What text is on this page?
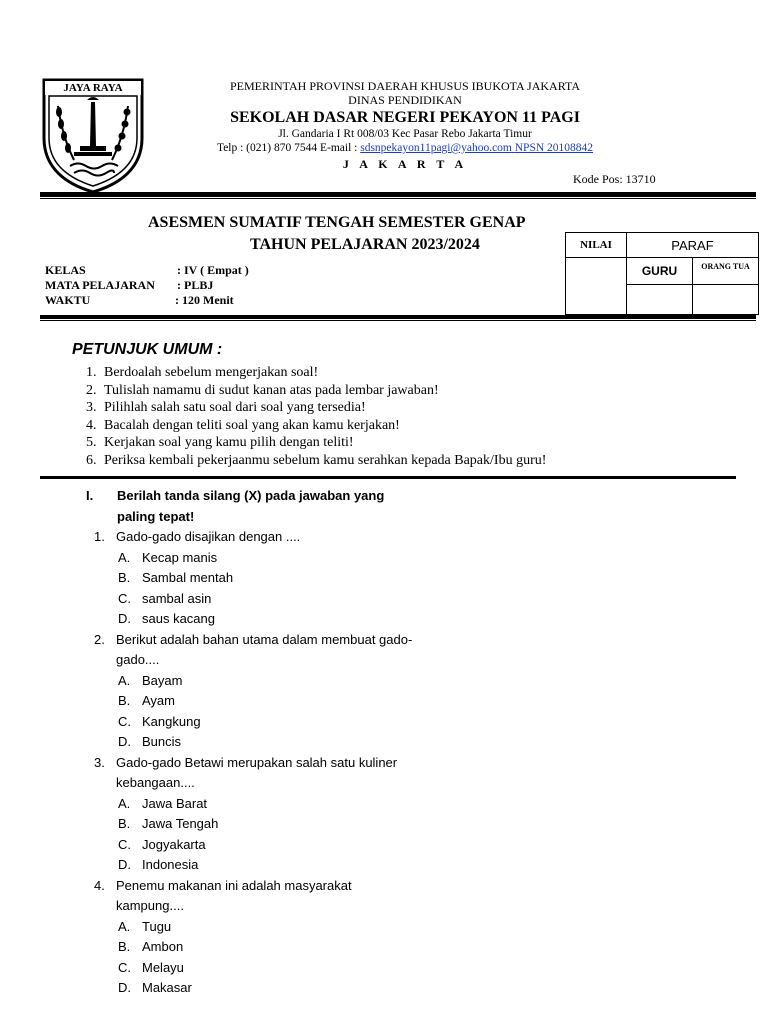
JAYA RAYA	PEMERINTAH PROVINSI DAERAH KHUSUS IBUKOTA JAKARTA
DINAS PENDIDIKAN
SEKOLAH DASAR NEGERI PEKAYON 11 PAGI
Jl. Gandaria I Rt 008/03 Kec Pasar Rebo Jakarta Timur
Telp : (021) 870 7544 E-mail : sdsnpekayon11pagi@yahoo.com NPSN 20108842
J A K A R T A
Kode Pos: 13710
ASESMEN SUMATIF TENGAH SEMESTER GENAP
TAHUN PELAJARAN 2023/2024
KELAS	: IV ( Empat )
MATA PELAJARAN : PLBJ
WAKTU	: 120 Menit
NILAI	PARAF
GURU	ORANG TUA
PETUNJUK UMUM :
1. Berdoalah sebelum mengerjakan soal!
2. Tulislah namamu di sudut kanan atas pada lembar jawaban!
3. Pilihlah salah satu soal dari soal yang tersedia!
4. Bacalah dengan teliti soal yang akan kamu kerjakan!
5. Kerjakan soal yang kamu pilih dengan teliti!
6. Periksa kembali pekerjaanmu sebelum kamu serahkan kepada Bapak/Ibu guru!
I. Berilah tanda silang (X) pada jawaban yang
paling tepat!
1. Gado-gado disajikan dengan ....
A. Kecap manis
B. Sambal mentah
C. sambal asin
D. saus kacang
2. Berikut adalah bahan utama dalam membuat gado-
gado....
A. Bayam
B. Ayam
C. Kangkung
D. Buncis
3. Gado-gado Betawi merupakan salah satu kuliner
kebangaan....
A. Jawa Barat
B. Jawa Tengah
C. Jogyakarta
D. Indonesia
4. Penemu makanan ini adalah masyarakat
kampung....
A. Tugu
B. Ambon
C. Melayu
D. Makasar
